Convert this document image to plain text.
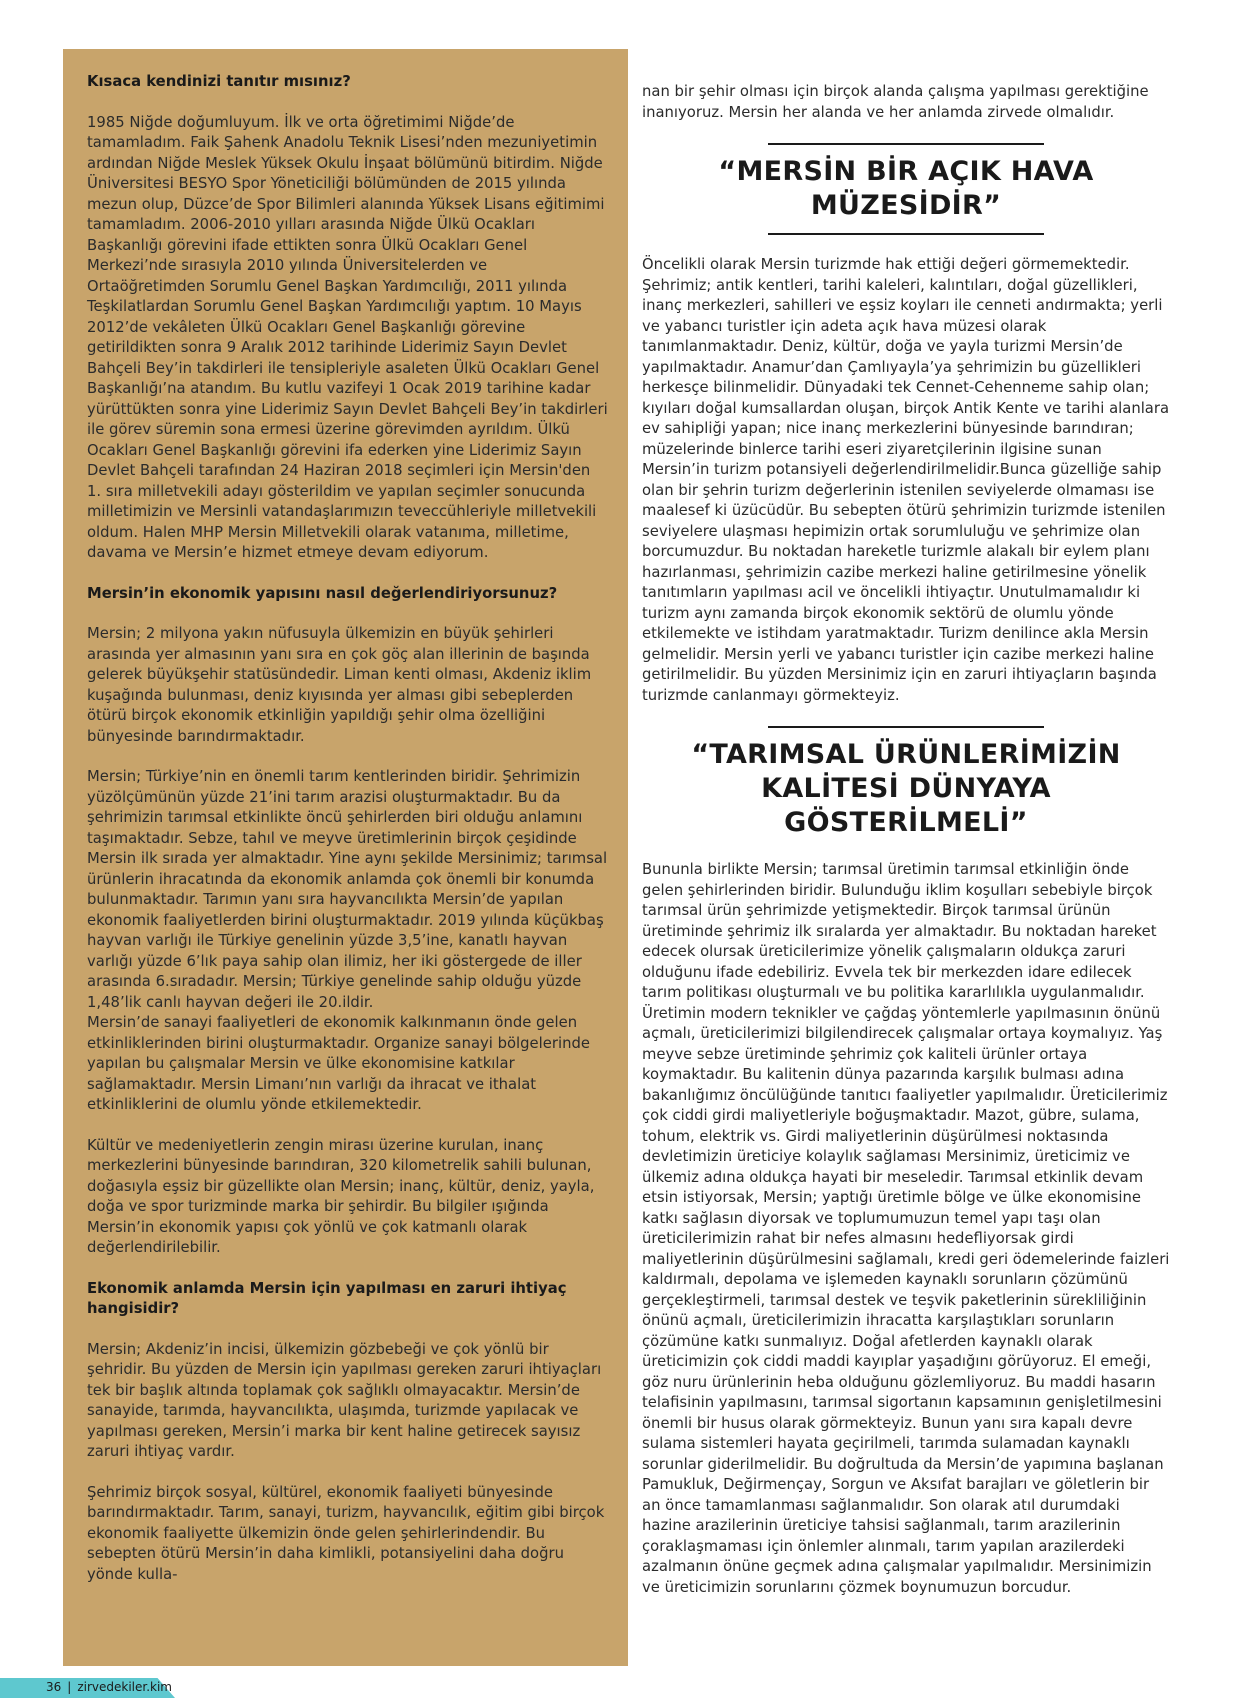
Kısaca kendinizi tanıtır mısınız?

1985 Niğde doğumluyum. İlk ve orta öğretimimi Niğde’de tamamladım. Faik Şahenk Anadolu Teknik Lisesi’nden mezuniyetimin ardından Niğde Meslek Yüksek Okulu İnşaat bölümünü bitirdim. Niğde Üniversitesi BESYO Spor Yöneticiliği bölümünden de 2015 yılında mezun olup, Düzce’de Spor Bilimleri alanında Yüksek Lisans eğitimimi tamamladım. 2006-2010 yılları arasında Niğde Ülkü Ocakları Başkanlığı görevini ifade ettikten sonra Ülkü Ocakları Genel Merkezi’nde sırasıyla 2010 yılında Üniversitelerden ve Ortaöğretimden Sorumlu Genel Başkan Yardımcılığı, 2011 yılında Teşkilatlardan Sorumlu Genel Başkan Yardımcılığı yaptım. 10 Mayıs 2012’de vekâleten Ülkü Ocakları Genel Başkanlığı görevine getirildikten sonra 9 Aralık 2012 tarihinde Liderimiz Sayın Devlet Bahçeli Bey’in takdirleri ile tensipleriyle asaleten Ülkü Ocakları Genel Başkanlığı’na atandım. Bu kutlu vazifeyi 1 Ocak 2019 tarihine kadar yürüttükten sonra yine Liderimiz Sayın Devlet Bahçeli Bey’in takdirleri ile görev süremin sona ermesi üzerine görevimden ayrıldım. Ülkü Ocakları Genel Başkanlığı görevini ifa ederken yine Liderimiz Sayın Devlet Bahçeli tarafından 24 Haziran 2018 seçimleri için Mersin'den 1. sıra milletvekili adayı gösterildim ve yapılan seçimler sonucunda milletimizin ve Mersinli vatandaşlarımızın teveccühleriyle milletvekili oldum. Halen MHP Mersin Milletvekili olarak vatanıma, milletime, davama ve Mersin’e hizmet etmeye devam ediyorum.

Mersin’in ekonomik yapısını nasıl değerlendiriyorsunuz?

Mersin; 2 milyona yakın nüfusuyla ülkemizin en büyük şehirleri arasında yer almasının yanı sıra en çok göç alan illerinin de başında gelerek büyükşehir statüsündedir. Liman kenti olması, Akdeniz iklim kuşağında bulunması, deniz kıyısında yer alması gibi sebeplerden ötürü birçok ekonomik etkinliğin yapıldığı şehir olma özelliğini bünyesinde barındırmaktadır.

Mersin; Türkiye’nin en önemli tarım kentlerinden biridir. Şehrimizin yüzölçümünün yüzde 21’ini tarım arazisi oluşturmaktadır. Bu da şehrimizin tarımsal etkinlikte öncü şehirlerden biri olduğu anlamını taşımaktadır. Sebze, tahıl ve meyve üretimlerinin birçok çeşidinde Mersin ilk sırada yer almaktadır. Yine aynı şekilde Mersinimiz; tarımsal ürünlerin ihracatında da ekonomik anlamda çok önemli bir konumda bulunmaktadır. Tarımın yanı sıra hayvancılıkta Mersin’de yapılan ekonomik faaliyetlerden birini oluşturmaktadır. 2019 yılında küçükbaş hayvan varlığı ile Türkiye genelinin yüzde 3,5’ine, kanatlı hayvan varlığı yüzde 6’lık paya sahip olan ilimiz, her iki göstergede de iller arasında 6.sıradadır. Mersin; Türkiye genelinde sahip olduğu yüzde 1,48’lik canlı hayvan değeri ile 20.ildir.

Mersin’de sanayi faaliyetleri de ekonomik kalkınmanın önde gelen etkinliklerinden birini oluşturmaktadır. Organize sanayi bölgelerinde yapılan bu çalışmalar Mersin ve ülke ekonomisine katkılar sağlamaktadır. Mersin Limanı’nın varlığı da ihracat ve ithalat etkinliklerini de olumlu yönde etkilemektedir.

Kültür ve medeniyetlerin zengin mirası üzerine kurulan, inanç merkezlerini bünyesinde barındıran, 320 kilometrelik sahili bulunan, doğasıyla eşsiz bir güzellikte olan Mersin; inanç, kültür, deniz, yayla, doğa ve spor turizminde marka bir şehirdir. Bu bilgiler ışığında Mersin’in ekonomik yapısı çok yönlü ve çok katmanlı olarak değerlendirilebilir.

Ekonomik anlamda Mersin için yapılması en zaruri ihtiyaç hangisidir?

Mersin; Akdeniz’in incisi, ülkemizin gözbebeği ve çok yönlü bir şehridir. Bu yüzden de Mersin için yapılması gereken zaruri ihtiyaçları tek bir başlık altında toplamak çok sağlıklı olmayacaktır. Mersin’de sanayide, tarımda, hayvancılıkta, ulaşımda, turizmde yapılacak ve yapılması gereken, Mersin’i marka bir kent haline getirecek sayısız zaruri ihtiyaç vardır.

Şehrimiz birçok sosyal, kültürel, ekonomik faaliyeti bünyesinde barındırmaktadır. Tarım, sanayi, turizm, hayvancılık, eğitim gibi birçok ekonomik faaliyette ülkemizin önde gelen şehirlerindendir. Bu sebepten ötürü Mersin’in daha kimlikli, potansiyelini daha doğru yönde kulla-

nan bir şehir olması için birçok alanda çalışma yapılması gerektiğine inanıyoruz. Mersin her alanda ve her anlamda zirvede olmalıdır.

“MERSİN BİR AÇIK HAVA MÜZESİDİR”

Öncelikli olarak Mersin turizmde hak ettiği değeri görmemektedir. Şehrimiz; antik kentleri, tarihi kaleleri, kalıntıları, doğal güzellikleri, inanç merkezleri, sahilleri ve eşsiz koyları ile cenneti andırmakta; yerli ve yabancı turistler için adeta açık hava müzesi olarak tanımlanmaktadır. Deniz, kültür, doğa ve yayla turizmi Mersin’de yapılmaktadır. Anamur’dan Çamlıyayla’ya şehrimizin bu güzellikleri herkesçe bilinmelidir. Dünyadaki tek Cennet-Cehenneme sahip olan; kıyıları doğal kumsallardan oluşan, birçok Antik Kente ve tarihi alanlara ev sahipliği yapan; nice inanç merkezlerini bünyesinde barındıran; müzelerinde binlerce tarihi eseri ziyaretçilerinin ilgisine sunan Mersin’in turizm potansiyeli değerlendirilmelidir.Bunca güzelliğe sahip olan bir şehrin turizm değerlerinin istenilen seviyelerde olmaması ise maalesef ki üzücüdür. Bu sebepten ötürü şehrimizin turizmde istenilen seviyelere ulaşması hepimizin ortak sorumluluğu ve şehrimize olan borcumuzdur. Bu noktadan hareketle turizmle alakalı bir eylem planı hazırlanması, şehrimizin cazibe merkezi haline getirilmesine yönelik tanıtımların yapılması acil ve öncelikli ihtiyaçtır. Unutulmamalıdır ki turizm aynı zamanda birçok ekonomik sektörü de olumlu yönde etkilemekte ve istihdam yaratmaktadır. Turizm denilince akla Mersin gelmelidir. Mersin yerli ve yabancı turistler için cazibe merkezi haline getirilmelidir. Bu yüzden Mersinimiz için en zaruri ihtiyaçların başında turizmde canlanmayı görmekteyiz.

“TARIMSAL ÜRÜNLERİMİZİN KALİTESİ DÜNYAYA GÖSTERİLMELİ”

Bununla birlikte Mersin; tarımsal üretimin tarımsal etkinliğin önde gelen şehirlerinden biridir. Bulunduğu iklim koşulları sebebiyle birçok tarımsal ürün şehrimizde yetişmektedir. Birçok tarımsal ürünün üretiminde şehrimiz ilk sıralarda yer almaktadır. Bu noktadan hareket edecek olursak üreticilerimize yönelik çalışmaların oldukça zaruri olduğunu ifade edebiliriz. Evvela tek bir merkezden idare edilecek tarım politikası oluşturmalı ve bu politika kararlılıkla uygulanmalıdır. Üretimin modern teknikler ve çağdaş yöntemlerle yapılmasının önünü açmalı, üreticilerimizi bilgilendirecek çalışmalar ortaya koymalıyız. Yaş meyve sebze üretiminde şehrimiz çok kaliteli ürünler ortaya koymaktadır. Bu kalitenin dünya pazarında karşılık bulması adına bakanlığımız öncülüğünde tanıtıcı faaliyetler yapılmalıdır. Üreticilerimiz çok ciddi girdi maliyetleriyle boğuşmaktadır. Mazot, gübre, sulama, tohum, elektrik vs. Girdi maliyetlerinin düşürülmesi noktasında devletimizin üreticiye kolaylık sağlaması Mersinimiz, üreticimiz ve ülkemiz adına oldukça hayati bir meseledir. Tarımsal etkinlik devam etsin istiyorsak, Mersin; yaptığı üretimle bölge ve ülke ekonomisine katkı sağlasın diyorsak ve toplumumuzun temel yapı taşı olan üreticilerimizin rahat bir nefes almasını hedefliyorsak girdi maliyetlerinin düşürülmesini sağlamalı, kredi geri ödemelerinde faizleri kaldırmalı, depolama ve işlemeden kaynaklı sorunların çözümünü gerçekleştirmeli, tarımsal destek ve teşvik paketlerinin sürekliliğinin önünü açmalı, üreticilerimizin ihracatta karşılaştıkları sorunların çözümüne katkı sunmalıyız. Doğal afetlerden kaynaklı olarak üreticimizin çok ciddi maddi kayıplar yaşadığını görüyoruz. El emeği, göz nuru ürünlerinin heba olduğunu gözlemliyoruz. Bu maddi hasarın telafisinin yapılmasını, tarımsal sigortanın kapsamının genişletilmesini önemli bir husus olarak görmekteyiz. Bunun yanı sıra kapalı devre sulama sistemleri hayata geçirilmeli, tarımda sulamadan kaynaklı sorunlar giderilmelidir. Bu doğrultuda da Mersin’de yapımına başlanan Pamukluk, Değirmençay, Sorgun ve Aksıfat barajları ve göletlerin bir an önce tamamlanması sağlanmalıdır. Son olarak atıl durumdaki hazine arazilerinin üreticiye tahsisi sağlanmalı, tarım arazilerinin çoraklaşmaması için önlemler alınmalı, tarım yapılan arazilerdeki azalmanın önüne geçmek adına çalışmalar yapılmalıdır. Mersinimizin ve üreticimizin sorunlarını çözmek boynumuzun borcudur.

36 | zirvedekiler.kim
